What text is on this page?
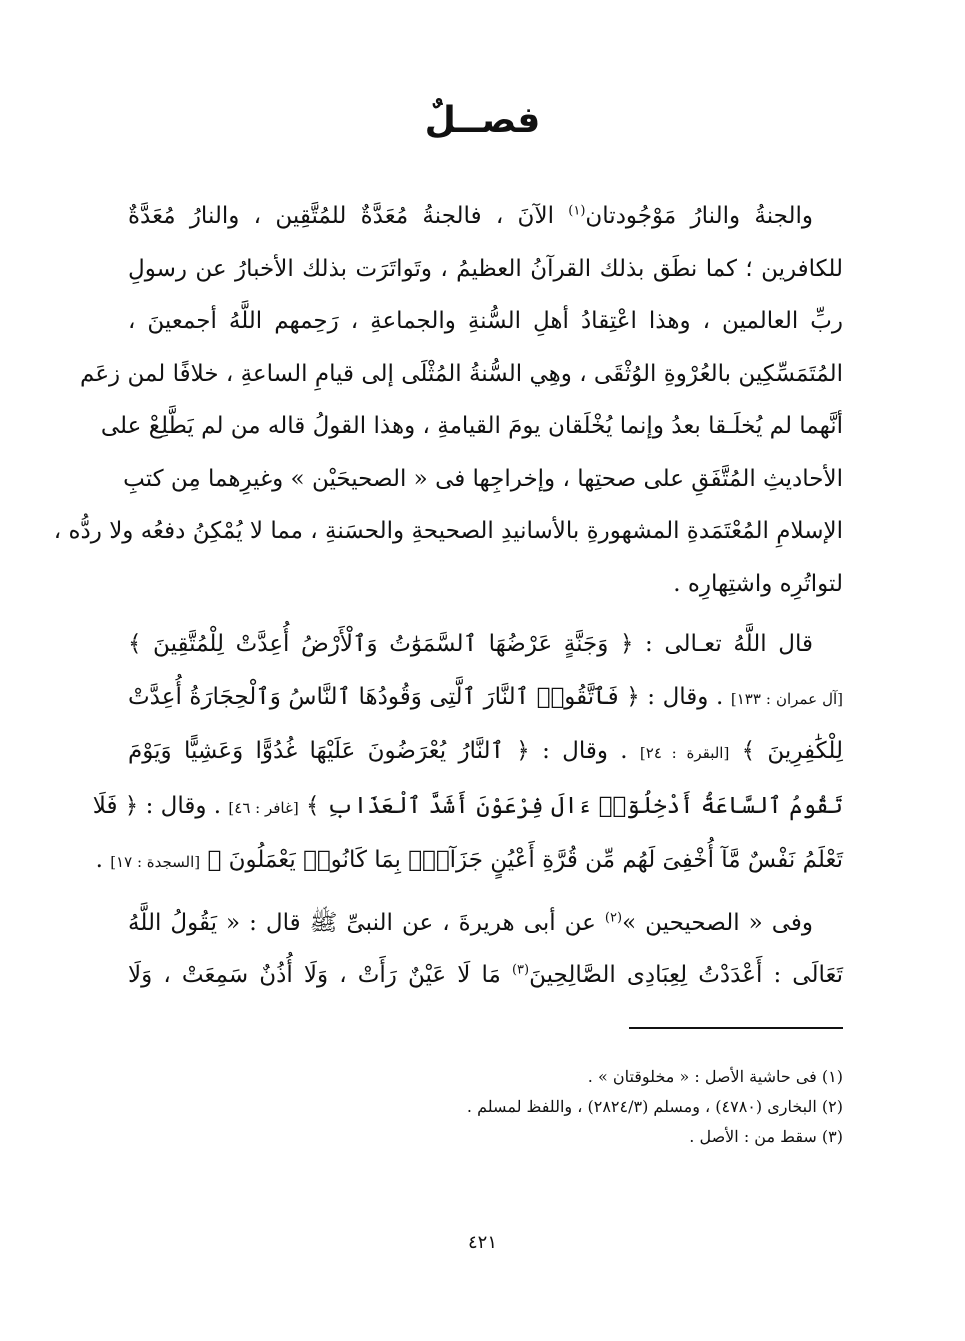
فصــلٌ
والجنةُ والنارُ مَوْجُودتان$^{(١)}$ الآنَ ، فالجنةُ مُعَدَّةٌ للمُتَّقِين ، والنارُ مُعَدَّةٌ
للكافرين ؛ كما نطَق بذلك القرآنُ العظيمُ ، وتَواتَرَت بذلك الأخبارُ عن رسولِ
ربِّ العالمين ، وهذا اعْتِقادُ أهلِ السُّنةِ والجماعةِ ، رَحِمهم اللَّهُ أجمعينَ ،
المُتَمَسِّكِين بالعُرْوةِ الوُثْقَى ، وهِي السُّنةُ المُثْلَى إلى قيامِ الساعةِ ، خلافًا لمن زعَم
أنَّهما لم يُخلَـقا بعدُ وإنما يُخْلَقان يومَ القيامةِ ، وهذا القولُ قاله من لم يَطَّلِعْ على
الأحاديثِ المُتَّفَقِ على صحتِها ، وإخراجِها فى « الصحيحَيْن » وغيرِهما مِن كتبِ
الإسلامِ المُعْتَمَدةِ المشهورةِ بالأسانيدِ الصحيحةِ والحسَنةِ ، مما لا يُمْكِنُ دفعُه ولا ردُّه ،
لتواتُرِه واشتِهارِه .
قال اللَّهُ تعـالى : ﴿ وَجَنَّةٍ عَرْضُهَا ٱلسَّمَوَٰتُ وَٱلْأَرْضُ أُعِدَّتْ لِلْمُتَّقِينَ ﴾
[آل عمران : ١٣٣] . وقال : ﴿ فَٱتَّقُوا۟ ٱلنَّارَ ٱلَّتِى وَقُودُهَا ٱلنَّاسُ وَٱلْحِجَارَةُ أُعِدَّتْ
لِلْكَٰفِرِينَ ﴾ [البقرة : ٢٤] . وقال : ﴿ ٱلنَّارُ يُعْرَضُونَ عَلَيْهَا غُدُوًّا وَعَشِيًّا وَيَوْمَ
تَقُومُ ٱلسَّاعَةُ أَدْخِلُوٓا۟ ءَالَ فِرْعَوْنَ أَشَدَّ ٱلْعَذَابِ ﴾ [غافر : ٤٦] . وقال : ﴿ فَلَا
تَعْلَمُ نَفْسٌ مَّآ أُخْفِىَ لَهُم مِّن قُرَّةِ أَعْيُنٍ جَزَآءًۢ بِمَا كَانُوا۟ يَعْمَلُونَ ﴾ [السجدة : ١٧] .
وفى « الصحيحين »$^{(٢)}$ عن أبى هريرةَ ، عن النبىِّ ﷺ قال : « يَقُولُ اللَّهُ
تَعَالَى : أَعْدَدْتُ لِعِبَادِى الصَّالِحِينَ$^{(٣)}$ مَا لَا عَيْنٌ رَأَتْ ، وَلَا أُذُنٌ سَمِعَتْ ، وَلَا
(١) فى حاشية الأصل : « مخلوقتان » .
(٢) البخارى (٤٧٨٠) ، ومسلم (٢٨٢٤/٣) ، واللفظ لمسلم .
(٣) سقط من : الأصل .
٤٢١
